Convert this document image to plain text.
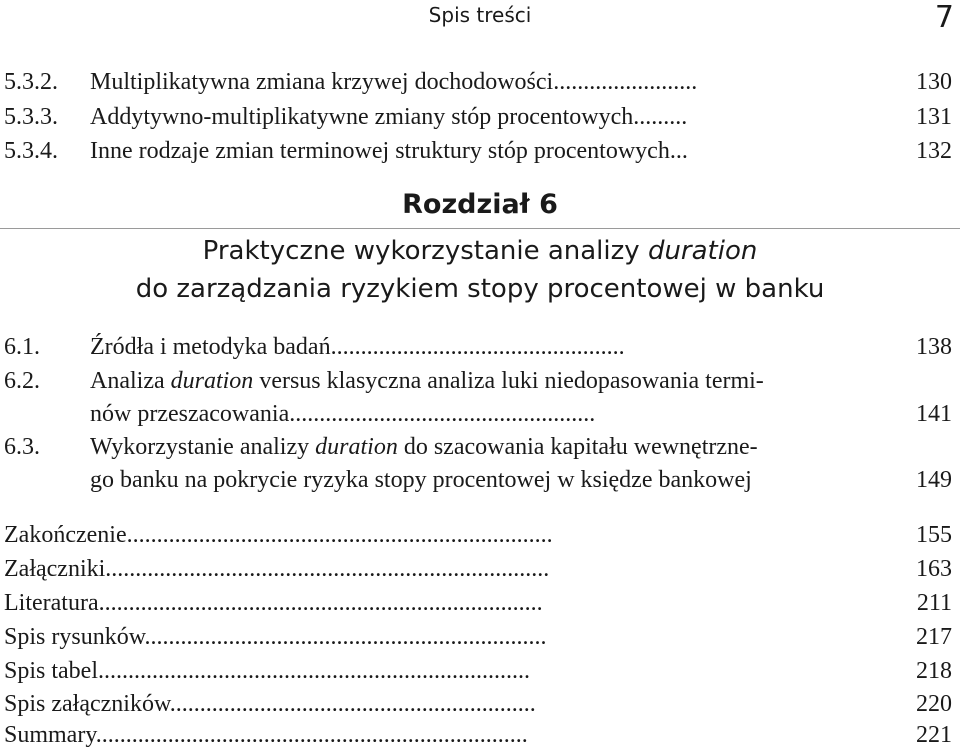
Spis treści	7
5.3.2. Multiplikatywna zmiana krzywej dochodowości........................	130
5.3.3. Addytywno-multiplikatywne zmiany stóp procentowych.........	131
5.3.4. Inne rodzaje zmian terminowej struktury stóp procentowych...	132
Rozdział 6
Praktyczne wykorzystanie analizy duration
do zarządzania ryzykiem stopy procentowej w banku
6.1. Źródła i metodyka badań.................................................	138
6.2. Analiza duration versus klasyczna analiza luki niedopasowania termi-
nów przeszacowania...................................................	141
6.3. Wykorzystanie analizy duration do szacowania kapitału wewnętrzne-
go banku na pokrycie ryzyka stopy procentowej w księdze bankowej	149
Zakończenie.......................................................................	155
Załączniki..........................................................................	163
Literatura..........................................................................	211
Spis rysunków...................................................................	217
Spis tabel........................................................................	218
Spis załączników.............................................................	220
Summary........................................................................	221
